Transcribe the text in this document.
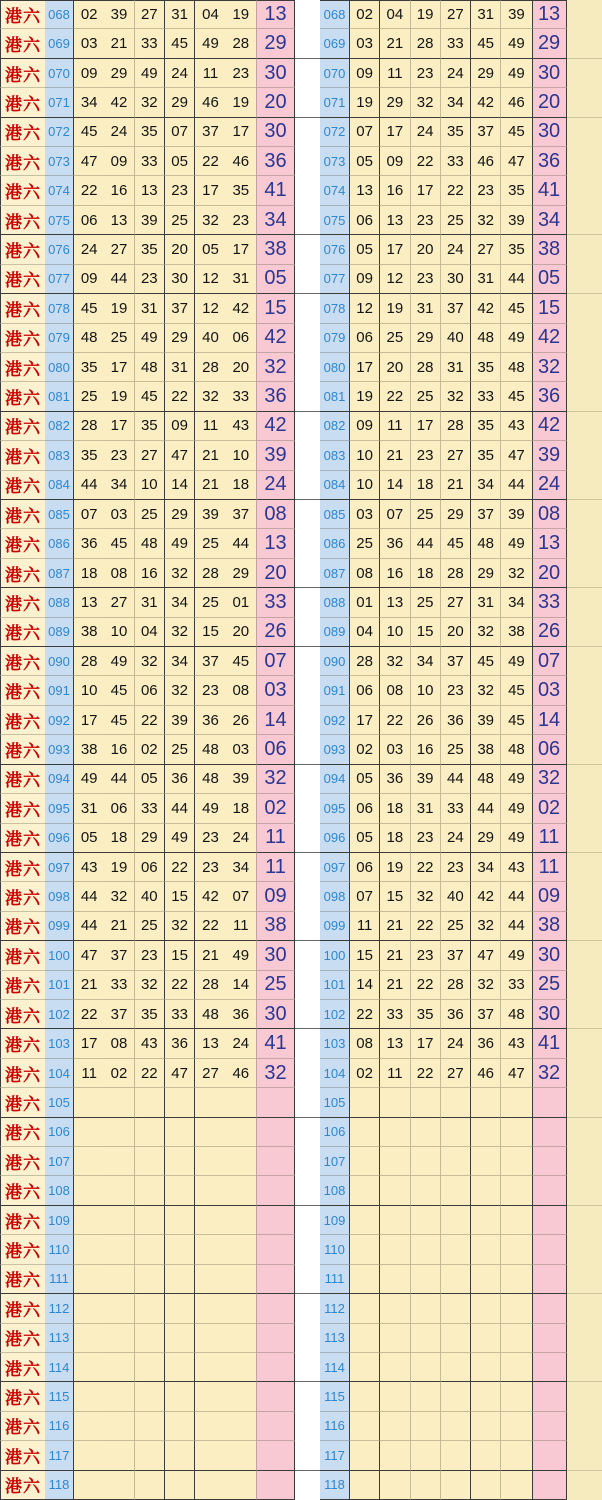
港六 068 02 39 27 31 04 19 13	068 02 04 19 27 31 39 13
港六 069 03 21 33 45 49 28 29	069 03 21 28 33 45 49 29
港六 070 09 29 49 24 11 23 30	070 09 11 23 24 29 49 30
港六 071 34 42 32 29 46 19 20	071 19 29 32 34 42 46 20
港六 072 45 24 35 07 37 17 30	072 07 17 24 35 37 45 30
港六 073 47 09 33 05 22 46 36	073 05 09 22 33 46 47 36
港六 074 22 16 13 23 17 35 41	074 13 16 17 22 23 35 41
港六 075 06 13 39 25 32 23 34	075 06 13 23 25 32 39 34
港六 076 24 27 35 20 05 17 38	076 05 17 20 24 27 35 38
港六 077 09 44 23 30 12 31 05	077 09 12 23 30 31 44 05
港六 078 45 19 31 37 12 42 15	078 12 19 31 37 42 45 15
港六 079 48 25 49 29 40 06 42	079 06 25 29 40 48 49 42
港六 080 35 17 48 31 28 20 32	080 17 20 28 31 35 48 32
港六 081 25 19 45 22 32 33 36	081 19 22 25 32 33 45 36
港六 082 28 17 35 09 11 43 42	082 09 11 17 28 35 43 42
港六 083 35 23 27 47 21 10 39	083 10 21 23 27 35 47 39
港六 084 44 34 10 14 21 18 24	084 10 14 18 21 34 44 24
港六 085 07 03 25 29 39 37 08	085 03 07 25 29 37 39 08
港六 086 36 45 48 49 25 44 13	086 25 36 44 45 48 49 13
港六 087 18 08 16 32 28 29 20	087 08 16 18 28 29 32 20
港六 088 13 27 31 34 25 01 33	088 01 13 25 27 31 34 33
港六 089 38 10 04 32 15 20 26	089 04 10 15 20 32 38 26
港六 090 28 49 32 34 37 45 07	090 28 32 34 37 45 49 07
港六 091 10 45 06 32 23 08 03	091 06 08 10 23 32 45 03
港六 092 17 45 22 39 36 26 14	092 17 22 26 36 39 45 14
港六 093 38 16 02 25 48 03 06	093 02 03 16 25 38 48 06
港六 094 49 44 05 36 48 39 32	094 05 36 39 44 48 49 32
港六 095 31 06 33 44 49 18 02	095 06 18 31 33 44 49 02
港六 096 05 18 29 49 23 24 11	096 05 18 23 24 29 49 11
港六 097 43 19 06 22 23 34 11	097 06 19 22 23 34 43 11
港六 098 44 32 40 15 42 07 09	098 07 15 32 40 42 44 09
港六 099 44 21 25 32 22 11 38	099 11 21 22 25 32 44 38
港六 100 47 37 23 15 21 49 30	100 15 21 23 37 47 49 30
港六 101 21 33 32 22 28 14 25	101 14 21 22 28 32 33 25
港六 102 22 37 35 33 48 36 30	102 22 33 35 36 37 48 30
港六 103 17 08 43 36 13 24 41	103 08 13 17 24 36 43 41
港六 104 11 02 22 47 27 46 32	104 02 11 22 27 46 47 32
港六 105	105
港六 106	106
港六 107	107
港六 108	108
港六 109	109
港六 110	110
港六 111	111
港六 112	112
港六 113	113
港六 114	114
港六 115	115
港六 116	116
港六 117	117
港六 118	118
